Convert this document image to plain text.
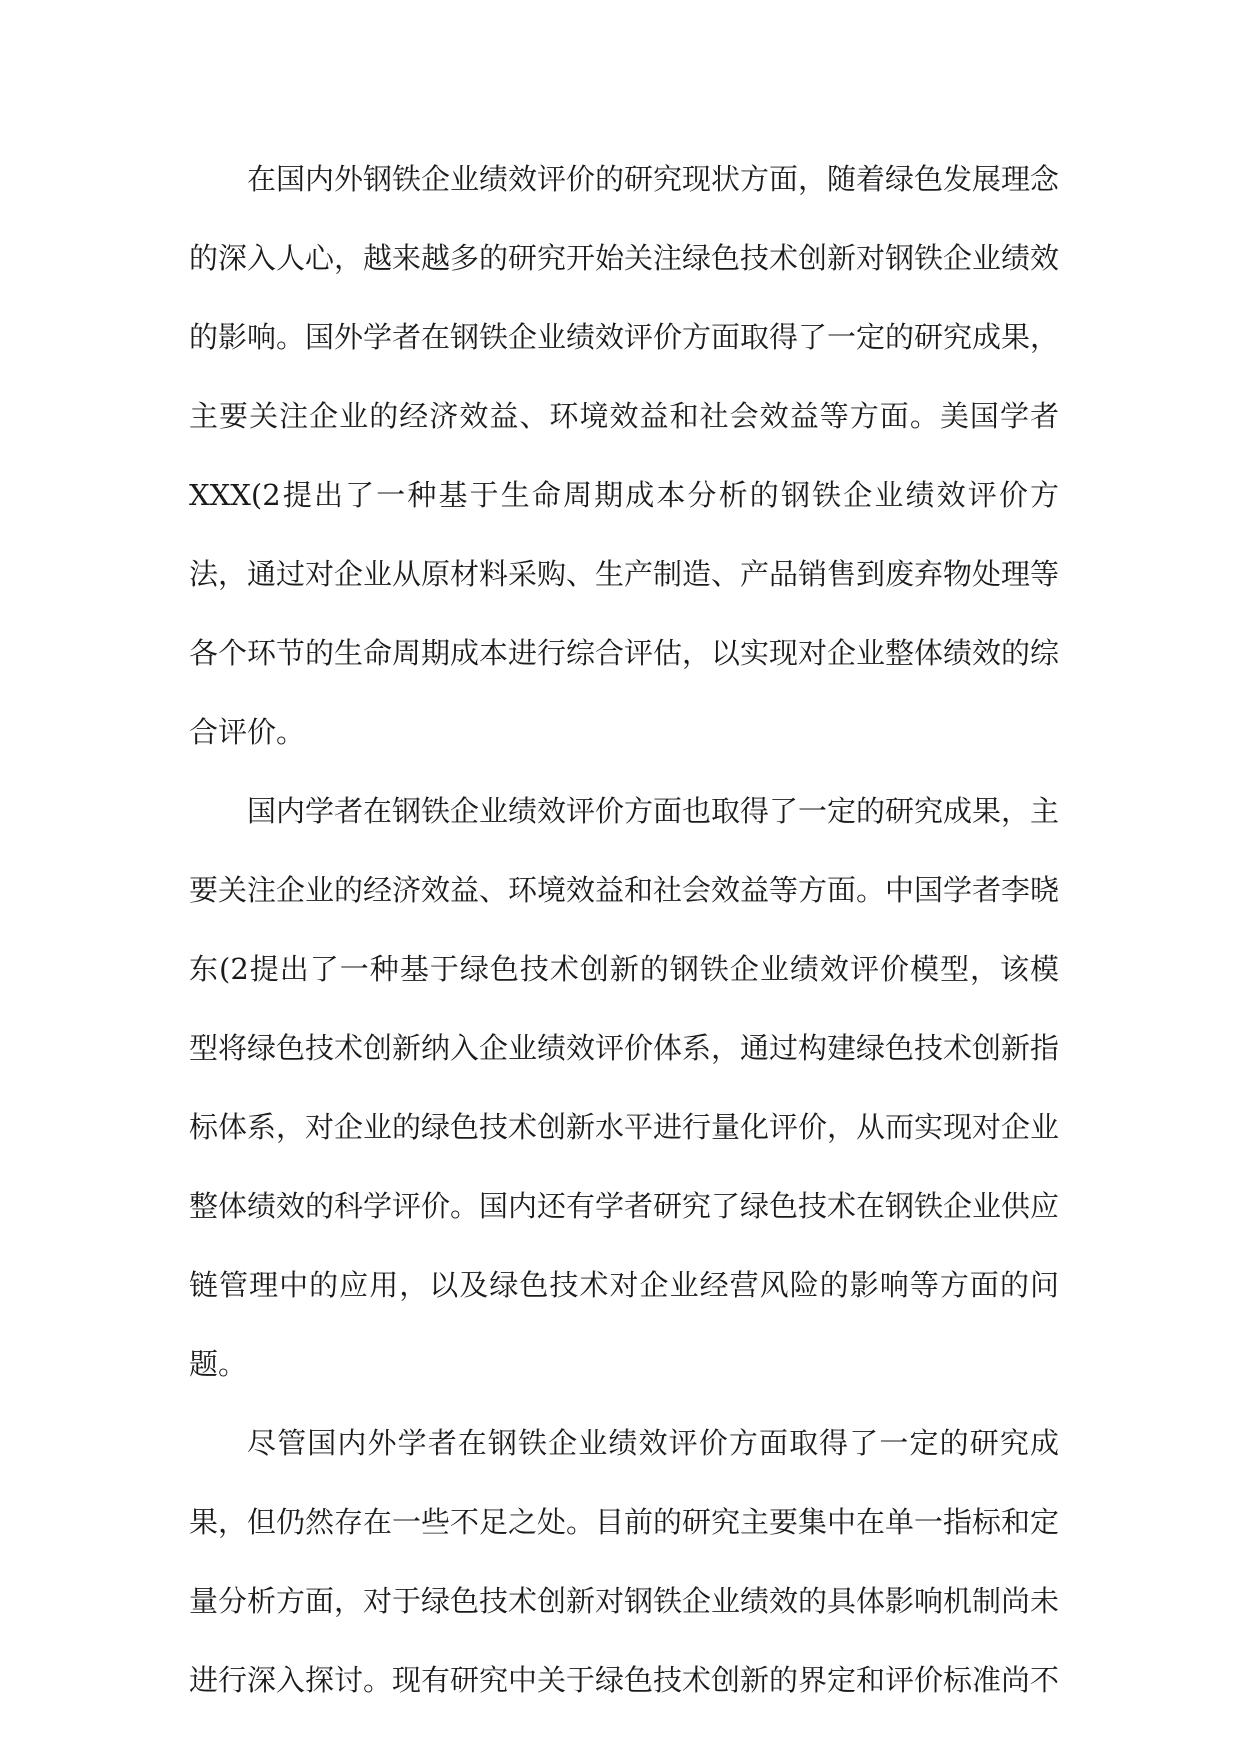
在国内外钢铁企业绩效评价的研究现状方面，随着绿色发展理念的深入人心，越来越多的研究开始关注绿色技术创新对钢铁企业绩效的影响。国外学者在钢铁企业绩效评价方面取得了一定的研究成果，主要关注企业的经济效益、环境效益和社会效益等方面。美国学者XXX(2提出了一种基于生命周期成本分析的钢铁企业绩效评价方法，通过对企业从原材料采购、生产制造、产品销售到废弃物处理等各个环节的生命周期成本进行综合评估，以实现对企业整体绩效的综合评价。

国内学者在钢铁企业绩效评价方面也取得了一定的研究成果，主要关注企业的经济效益、环境效益和社会效益等方面。中国学者李晓东(2提出了一种基于绿色技术创新的钢铁企业绩效评价模型，该模型将绿色技术创新纳入企业绩效评价体系，通过构建绿色技术创新指标体系，对企业的绿色技术创新水平进行量化评价，从而实现对企业整体绩效的科学评价。国内还有学者研究了绿色技术在钢铁企业供应链管理中的应用，以及绿色技术对企业经营风险的影响等方面的问题。

尽管国内外学者在钢铁企业绩效评价方面取得了一定的研究成果，但仍然存在一些不足之处。目前的研究主要集中在单一指标和定量分析方面，对于绿色技术创新对钢铁企业绩效的具体影响机制尚未进行深入探讨。现有研究中关于绿色技术创新的界定和评价标准尚不
